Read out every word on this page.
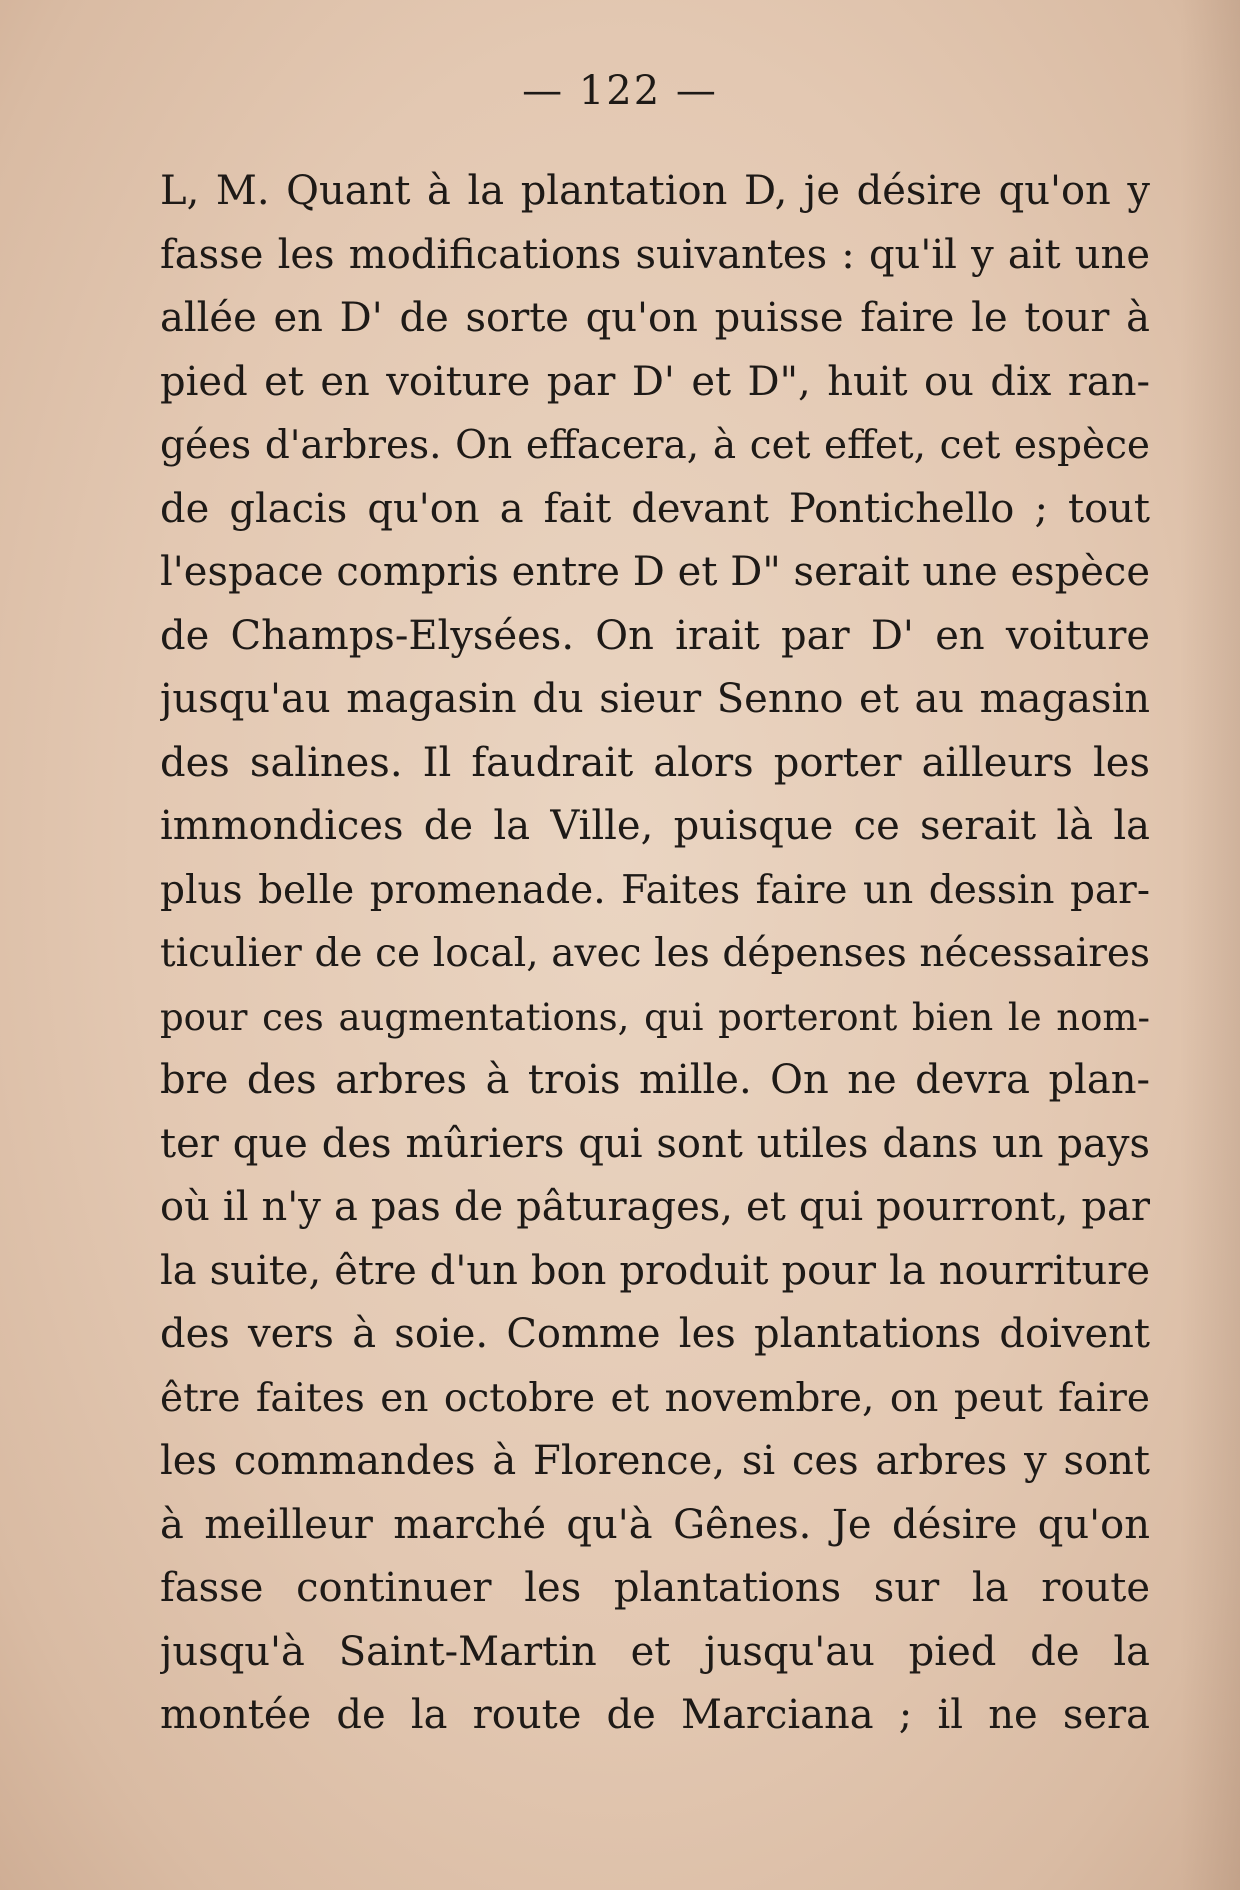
— 122 —
L, M. Quant à la plantation D, je désire qu'on y
fasse les modifications suivantes : qu'il y ait une
allée en D' de sorte qu'on puisse faire le tour à
pied et en voiture par D' et D", huit ou dix ran-
gées d'arbres. On effacera, à cet effet, cet espèce
de glacis qu'on a fait devant Pontichello ; tout
l'espace compris entre D et D" serait une espèce
de Champs-Elysées. On irait par D' en voiture
jusqu'au magasin du sieur Senno et au magasin
des salines. Il faudrait alors porter ailleurs les
immondices de la Ville, puisque ce serait là la
plus belle promenade. Faites faire un dessin par-
ticulier de ce local, avec les dépenses nécessaires
pour ces augmentations, qui porteront bien le nom-
bre des arbres à trois mille. On ne devra plan-
ter que des mûriers qui sont utiles dans un pays
où il n'y a pas de pâturages, et qui pourront, par
la suite, être d'un bon produit pour la nourriture
des vers à soie. Comme les plantations doivent
être faites en octobre et novembre, on peut faire
les commandes à Florence, si ces arbres y sont
à meilleur marché qu'à Gênes. Je désire qu'on
fasse continuer les plantations sur la route
jusqu'à Saint-Martin et jusqu'au pied de la
montée de la route de Marciana ; il ne sera
